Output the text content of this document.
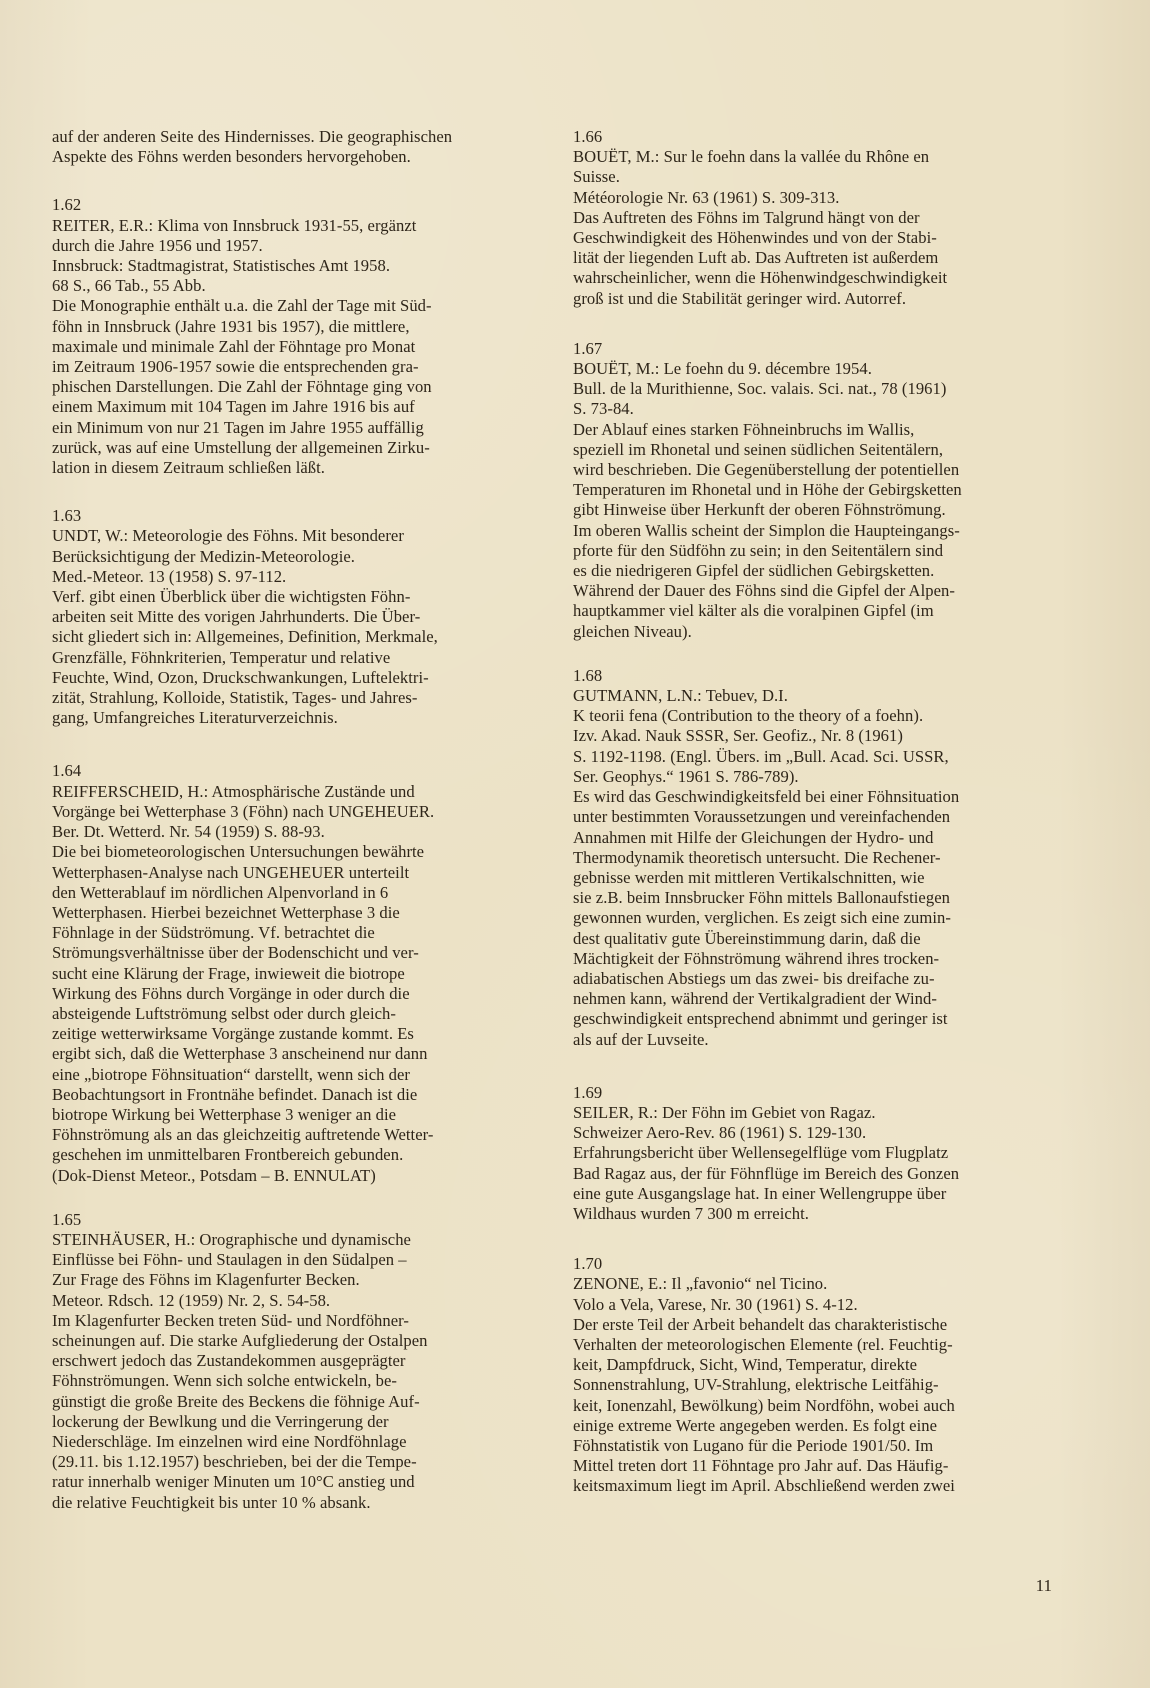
auf der anderen Seite des Hindernisses. Die geographischen
Aspekte des Föhns werden besonders hervorgehoben.
1.62
REITER, E.R.: Klima von Innsbruck 1931-55, ergänzt
durch die Jahre 1956 und 1957.
Innsbruck: Stadtmagistrat, Statistisches Amt 1958.
68 S., 66 Tab., 55 Abb.
Die Monographie enthält u.a. die Zahl der Tage mit Süd-
föhn in Innsbruck (Jahre 1931 bis 1957), die mittlere,
maximale und minimale Zahl der Föhntage pro Monat
im Zeitraum 1906-1957 sowie die entsprechenden gra-
phischen Darstellungen. Die Zahl der Föhntage ging von
einem Maximum mit 104 Tagen im Jahre 1916 bis auf
ein Minimum von nur 21 Tagen im Jahre 1955 auffällig
zurück, was auf eine Umstellung der allgemeinen Zirku-
lation in diesem Zeitraum schließen läßt.
1.63
UNDT, W.: Meteorologie des Föhns. Mit besonderer
Berücksichtigung der Medizin-Meteorologie.
Med.-Meteor. 13 (1958) S. 97-112.
Verf. gibt einen Überblick über die wichtigsten Föhn-
arbeiten seit Mitte des vorigen Jahrhunderts. Die Über-
sicht gliedert sich in: Allgemeines, Definition, Merkmale,
Grenzfälle, Föhnkriterien, Temperatur und relative
Feuchte, Wind, Ozon, Druckschwankungen, Luftelektri-
zität, Strahlung, Kolloide, Statistik, Tages- und Jahres-
gang, Umfangreiches Literaturverzeichnis.
1.64
REIFFERSCHEID, H.: Atmosphärische Zustände und
Vorgänge bei Wetterphase 3 (Föhn) nach UNGEHEUER.
Ber. Dt. Wetterd. Nr. 54 (1959) S. 88-93.
Die bei biometeorologischen Untersuchungen bewährte
Wetterphasen-Analyse nach UNGEHEUER unterteilt
den Wetterablauf im nördlichen Alpenvorland in 6
Wetterphasen. Hierbei bezeichnet Wetterphase 3 die
Föhnlage in der Südströmung. Vf. betrachtet die
Strömungsverhältnisse über der Bodenschicht und ver-
sucht eine Klärung der Frage, inwieweit die biotrope
Wirkung des Föhns durch Vorgänge in oder durch die
absteigende Luftströmung selbst oder durch gleich-
zeitige wetterwirksame Vorgänge zustande kommt. Es
ergibt sich, daß die Wetterphase 3 anscheinend nur dann
eine „biotrope Föhnsituation“ darstellt, wenn sich der
Beobachtungsort in Frontnähe befindet. Danach ist die
biotrope Wirkung bei Wetterphase 3 weniger an die
Föhnströmung als an das gleichzeitig auftretende Wetter-
geschehen im unmittelbaren Frontbereich gebunden.
(Dok-Dienst Meteor., Potsdam – B. ENNULAT)
1.65
STEINHÄUSER, H.: Orographische und dynamische
Einflüsse bei Föhn- und Staulagen in den Südalpen –
Zur Frage des Föhns im Klagenfurter Becken.
Meteor. Rdsch. 12 (1959) Nr. 2, S. 54-58.
Im Klagenfurter Becken treten Süd- und Nordföhner-
scheinungen auf. Die starke Aufgliederung der Ostalpen
erschwert jedoch das Zustandekommen ausgeprägter
Föhnströmungen. Wenn sich solche entwickeln, be-
günstigt die große Breite des Beckens die föhnige Auf-
lockerung der Bewlkung und die Verringerung der
Niederschläge. Im einzelnen wird eine Nordföhnlage
(29.11. bis 1.12.1957) beschrieben, bei der die Tempe-
ratur innerhalb weniger Minuten um 10°C anstieg und
die relative Feuchtigkeit bis unter 10 % absank.
1.66
BOUËT, M.: Sur le foehn dans la vallée du Rhône en
Suisse.
Météorologie Nr. 63 (1961) S. 309-313.
Das Auftreten des Föhns im Talgrund hängt von der
Geschwindigkeit des Höhenwindes und von der Stabi-
lität der liegenden Luft ab. Das Auftreten ist außerdem
wahrscheinlicher, wenn die Höhenwindgeschwindigkeit
groß ist und die Stabilität geringer wird. Autorref.
1.67
BOUËT, M.: Le foehn du 9. décembre 1954.
Bull. de la Murithienne, Soc. valais. Sci. nat., 78 (1961)
S. 73-84.
Der Ablauf eines starken Föhneinbruchs im Wallis,
speziell im Rhonetal und seinen südlichen Seitentälern,
wird beschrieben. Die Gegenüberstellung der potentiellen
Temperaturen im Rhonetal und in Höhe der Gebirgsketten
gibt Hinweise über Herkunft der oberen Föhnströmung.
Im oberen Wallis scheint der Simplon die Haupteingangs-
pforte für den Südföhn zu sein; in den Seitentälern sind
es die niedrigeren Gipfel der südlichen Gebirgsketten.
Während der Dauer des Föhns sind die Gipfel der Alpen-
hauptkammer viel kälter als die voralpinen Gipfel (im
gleichen Niveau).
1.68
GUTMANN, L.N.: Tebuev, D.I.
K teorii fena (Contribution to the theory of a foehn).
Izv. Akad. Nauk SSSR, Ser. Geofiz., Nr. 8 (1961)
S. 1192-1198. (Engl. Übers. im „Bull. Acad. Sci. USSR,
Ser. Geophys.“ 1961 S. 786-789).
Es wird das Geschwindigkeitsfeld bei einer Föhnsituation
unter bestimmten Voraussetzungen und vereinfachenden
Annahmen mit Hilfe der Gleichungen der Hydro- und
Thermodynamik theoretisch untersucht. Die Rechener-
gebnisse werden mit mittleren Vertikalschnitten, wie
sie z.B. beim Innsbrucker Föhn mittels Ballonaufstiegen
gewonnen wurden, verglichen. Es zeigt sich eine zumin-
dest qualitativ gute Übereinstimmung darin, daß die
Mächtigkeit der Föhnströmung während ihres trocken-
adiabatischen Abstiegs um das zwei- bis dreifache zu-
nehmen kann, während der Vertikalgradient der Wind-
geschwindigkeit entsprechend abnimmt und geringer ist
als auf der Luvseite.
1.69
SEILER, R.: Der Föhn im Gebiet von Ragaz.
Schweizer Aero-Rev. 86 (1961) S. 129-130.
Erfahrungsbericht über Wellensegelflüge vom Flugplatz
Bad Ragaz aus, der für Föhnflüge im Bereich des Gonzen
eine gute Ausgangslage hat. In einer Wellengruppe über
Wildhaus wurden 7 300 m erreicht.
1.70
ZENONE, E.: Il „favonio“ nel Ticino.
Volo a Vela, Varese, Nr. 30 (1961) S. 4-12.
Der erste Teil der Arbeit behandelt das charakteristische
Verhalten der meteorologischen Elemente (rel. Feuchtig-
keit, Dampfdruck, Sicht, Wind, Temperatur, direkte
Sonnenstrahlung, UV-Strahlung, elektrische Leitfähig-
keit, Ionenzahl, Bewölkung) beim Nordföhn, wobei auch
einige extreme Werte angegeben werden. Es folgt eine
Föhnstatistik von Lugano für die Periode 1901/50. Im
Mittel treten dort 11 Föhntage pro Jahr auf. Das Häufig-
keitsmaximum liegt im April. Abschließend werden zwei
11
